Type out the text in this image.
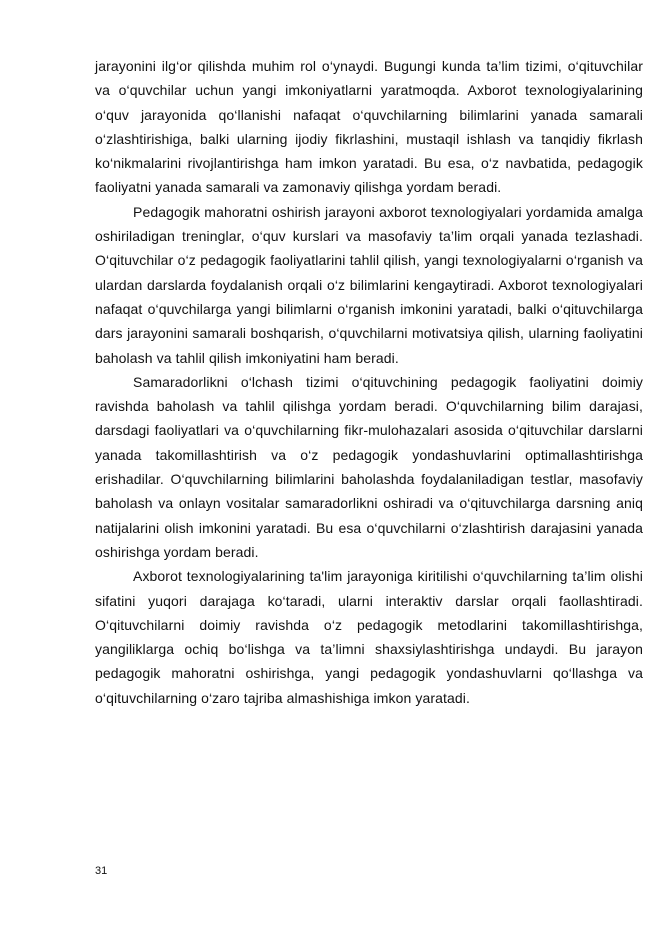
jarayonini ilg‘or qilishda muhim rol o‘ynaydi. Bugungi kunda ta’lim tizimi, o‘qituvchilar va o‘quvchilar uchun yangi imkoniyatlarni yaratmoqda. Axborot texnologiyalarining o‘quv jarayonida qo‘llanishi nafaqat o‘quvchilarning bilimlarini yanada samarali o‘zlashtirishiga, balki ularning ijodiy fikrlashini, mustaqil ishlash va tanqidiy fikrlash ko‘nikmalarini rivojlantirishga ham imkon yaratadi. Bu esa, o‘z navbatida, pedagogik faoliyatni yanada samarali va zamonaviy qilishga yordam beradi.

Pedagogik mahoratni oshirish jarayoni axborot texnologiyalari yordamida amalga oshiriladigan treninglar, o‘quv kurslari va masofaviy ta’lim orqali yanada tezlashadi. O‘qituvchilar o‘z pedagogik faoliyatlarini tahlil qilish, yangi texnologiyalarni o‘rganish va ulardan darslarda foydalanish orqali o‘z bilimlarini kengaytiradi. Axborot texnologiyalari nafaqat o‘quvchilarga yangi bilimlarni o‘rganish imkonini yaratadi, balki o‘qituvchilarga dars jarayonini samarali boshqarish, o‘quvchilarni motivatsiya qilish, ularning faoliyatini baholash va tahlil qilish imkoniyatini ham beradi.

Samaradorlikni o‘lchash tizimi o‘qituvchining pedagogik faoliyatini doimiy ravishda baholash va tahlil qilishga yordam beradi. O‘quvchilarning bilim darajasi, darsdagi faoliyatlari va o‘quvchilarning fikr-mulohazalari asosida o‘qituvchilar darslarni yanada takomillashtirish va o‘z pedagogik yondashuvlarini optimallashtirishga erishadilar. O‘quvchilarning bilimlarini baholashda foydalaniladigan testlar, masofaviy baholash va onlayn vositalar samaradorlikni oshiradi va o‘qituvchilarga darsning aniq natijalarini olish imkonini yaratadi. Bu esa o‘quvchilarni o‘zlashtirish darajasini yanada oshirishga yordam beradi.

Axborot texnologiyalarining ta'lim jarayoniga kiritilishi o‘quvchilarning ta’lim olishi sifatini yuqori darajaga ko‘taradi, ularni interaktiv darslar orqali faollashtiradi. O‘qituvchilarni doimiy ravishda o‘z pedagogik metodlarini takomillashtirishga, yangiliklarga ochiq bo‘lishga va ta’limni shaxsiylashtirishga undaydi. Bu jarayon pedagogik mahoratni oshirishga, yangi pedagogik yondashuvlarni qo‘llashga va o‘qituvchilarning o‘zaro tajriba almashishiga imkon yaratadi.

31
